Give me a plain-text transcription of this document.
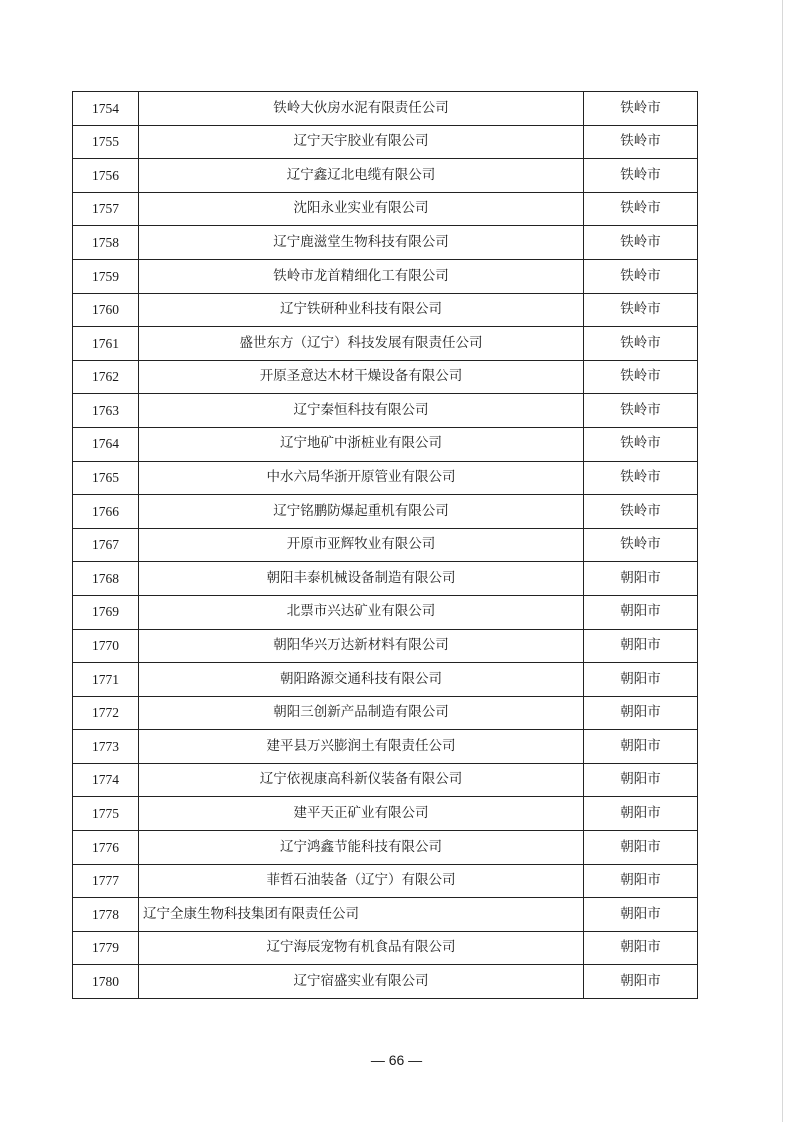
1754	铁岭大伙房水泥有限责任公司	铁岭市
1755	辽宁天宇胶业有限公司	铁岭市
1756	辽宁鑫辽北电缆有限公司	铁岭市
1757	沈阳永业实业有限公司	铁岭市
1758	辽宁鹿滋堂生物科技有限公司	铁岭市
1759	铁岭市龙首精细化工有限公司	铁岭市
1760	辽宁铁研种业科技有限公司	铁岭市
1761	盛世东方（辽宁）科技发展有限责任公司	铁岭市
1762	开原圣意达木材干燥设备有限公司	铁岭市
1763	辽宁秦恒科技有限公司	铁岭市
1764	辽宁地矿中浙桩业有限公司	铁岭市
1765	中水六局华浙开原管业有限公司	铁岭市
1766	辽宁铭鹏防爆起重机有限公司	铁岭市
1767	开原市亚辉牧业有限公司	铁岭市
1768	朝阳丰泰机械设备制造有限公司	朝阳市
1769	北票市兴达矿业有限公司	朝阳市
1770	朝阳华兴万达新材料有限公司	朝阳市
1771	朝阳路源交通科技有限公司	朝阳市
1772	朝阳三创新产品制造有限公司	朝阳市
1773	建平县万兴膨润土有限责任公司	朝阳市
1774	辽宁依视康高科新仪装备有限公司	朝阳市
1775	建平天正矿业有限公司	朝阳市
1776	辽宁鸿鑫节能科技有限公司	朝阳市
1777	菲哲石油装备（辽宁）有限公司	朝阳市
1778	辽宁全康生物科技集团有限责任公司	朝阳市
1779	辽宁海辰宠物有机食品有限公司	朝阳市
1780	辽宁宿盛实业有限公司	朝阳市
— 66 —
